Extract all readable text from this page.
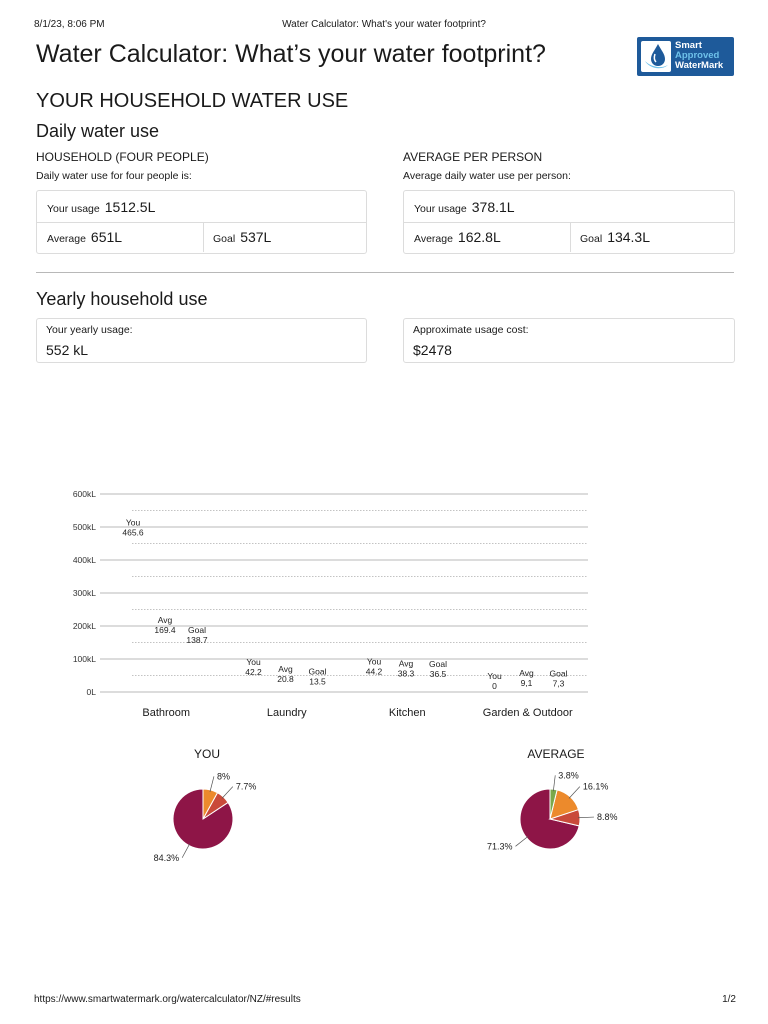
8/1/23, 8:06 PM	Water Calculator: What's your water footprint?
Water Calculator: What’s your water footprint?	Smart
Approved
WaterMark
YOUR HOUSEHOLD WATER USE
Daily water use
HOUSEHOLD (FOUR PEOPLE)
Daily water use for four people is:
Your usage 1512.5L
Average 651L	Goal 537L
AVERAGE PER PERSON
Average daily water use per person:
Your usage 378.1L
Average 162.8L	Goal 134.3L
Yearly household use
Your yearly usage:
552 kL
Approximate usage cost:
$2478
600kL
500kL
400kL
300kL
200kL
100kL
0L
Bathroom
You
465.6
Avg
169.4 Goal
138.7
Laundry
You
42.2 Avg
20.8
Goal
13.5
Kitchen
You
44.2
Avg
38.3
Goal
36.5
Garden & Outdoor
You
0
Avg
9,1
Goal
7,3
YOU
84.3%
7.7%
8%
AVERAGE
71.3%
8.8%
16.1%
3.8%
https://www.smartwatermark.org/watercalculator/NZ/#results	1/2
